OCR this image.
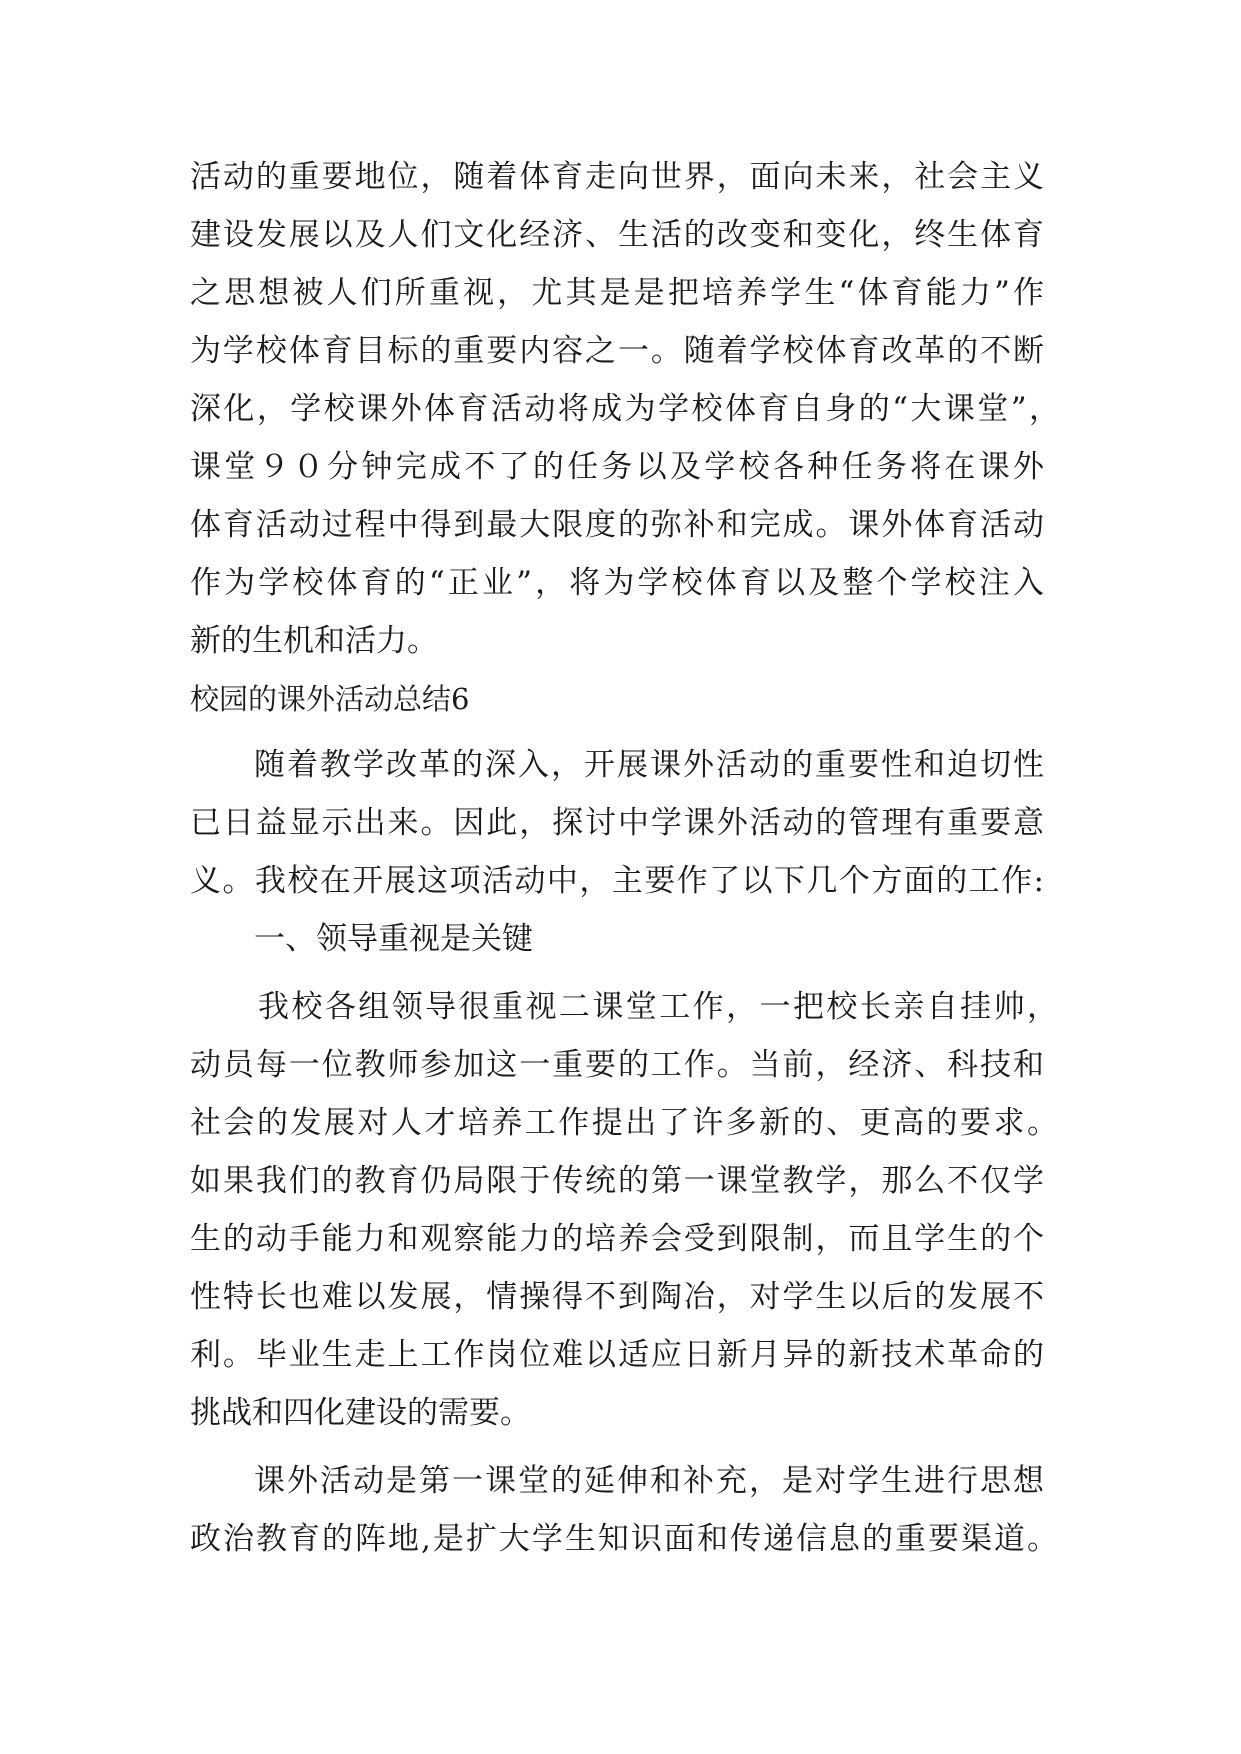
活动的重要地位，随着体育走向世界，面向未来，社会主义
建设发展以及人们文化经济、生活的改变和变化，终生体育
之思想被人们所重视，尤其是是把培养学生“体育能力”作
为学校体育目标的重要内容之一。随着学校体育改革的不断
深化，学校课外体育活动将成为学校体育自身的“大课堂”，
课堂９０分钟完成不了的任务以及学校各种任务将在课外
体育活动过程中得到最大限度的弥补和完成。课外体育活动
作为学校体育的“正业”，将为学校体育以及整个学校注入
新的生机和活力。
校园的课外活动总结6
随着教学改革的深入，开展课外活动的重要性和迫切性
已日益显示出来。因此，探讨中学课外活动的管理有重要意
义。我校在开展这项活动中，主要作了以下几个方面的工作:
一、领导重视是关键
我校各组领导很重视二课堂工作，一把校长亲自挂帅，
动员每一位教师参加这一重要的工作。当前，经济、科技和
社会的发展对人才培养工作提出了许多新的、更高的要求。
如果我们的教育仍局限于传统的第一课堂教学，那么不仅学
生的动手能力和观察能力的培养会受到限制，而且学生的个
性特长也难以发展，情操得不到陶冶，对学生以后的发展不
利。毕业生走上工作岗位难以适应日新月异的新技术革命的
挑战和四化建设的需要。
课外活动是第一课堂的延伸和补充，是对学生进行思想
政治教育的阵地,是扩大学生知识面和传递信息的重要渠道。
